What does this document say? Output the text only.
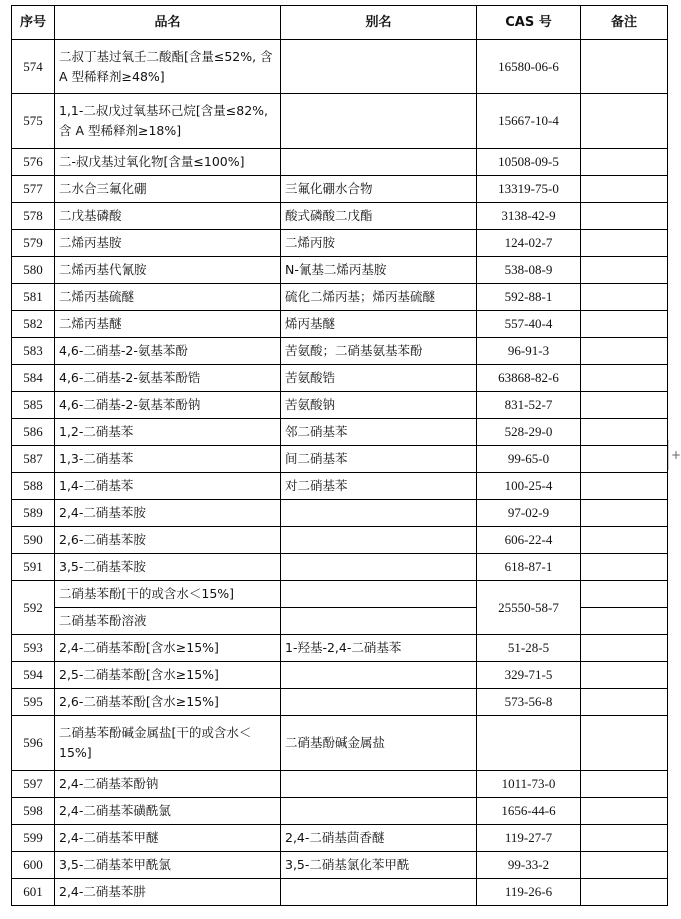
序号	品名	别名	CAS 号	备注
574	二叔丁基过氧壬二酸酯[含量≤52%, 含 A 型稀释剂≥48%]		16580-06-6	
575	1,1-二叔戊过氧基环己烷[含量≤82%,含 A 型稀释剂≥18%]		15667-10-4	
576	二-叔戊基过氧化物[含量≤100%]		10508-09-5	
577	二水合三氟化硼	三氟化硼水合物	13319-75-0	
578	二戊基磷酸	酸式磷酸二戊酯	3138-42-9	
579	二烯丙基胺	二烯丙胺	124-02-7	
580	二烯丙基代氰胺	N-氰基二烯丙基胺	538-08-9	
581	二烯丙基硫醚	硫化二烯丙基；烯丙基硫醚	592-88-1	
582	二烯丙基醚	烯丙基醚	557-40-4	
583	4,6-二硝基-2-氨基苯酚	苦氨酸；二硝基氨基苯酚	96-91-3	
584	4,6-二硝基-2-氨基苯酚锆	苦氨酸锆	63868-82-6	
585	4,6-二硝基-2-氨基苯酚钠	苦氨酸钠	831-52-7	
586	1,2-二硝基苯	邻二硝基苯	528-29-0	
587	1,3-二硝基苯	间二硝基苯	99-65-0	
588	1,4-二硝基苯	对二硝基苯	100-25-4	
589	2,4-二硝基苯胺		97-02-9	
590	2,6-二硝基苯胺		606-22-4	
591	3,5-二硝基苯胺		618-87-1	
592	二硝基苯酚[干的或含水＜15%]		25550-58-7	
	二硝基苯酚溶液			
593	2,4-二硝基苯酚[含水≥15%]	1-羟基-2,4-二硝基苯	51-28-5	
594	2,5-二硝基苯酚[含水≥15%]		329-71-5	
595	2,6-二硝基苯酚[含水≥15%]		573-56-8	
596	二硝基苯酚碱金属盐[干的或含水＜15%]	二硝基酚碱金属盐		
597	2,4-二硝基苯酚钠		1011-73-0	
598	2,4-二硝基苯磺酰氯		1656-44-6	
599	2,4-二硝基苯甲醚	2,4-二硝基茴香醚	119-27-7	
600	3,5-二硝基苯甲酰氯	3,5-二硝基氯化苯甲酰	99-33-2	
601	2,4-二硝基苯肼		119-26-6	
+
